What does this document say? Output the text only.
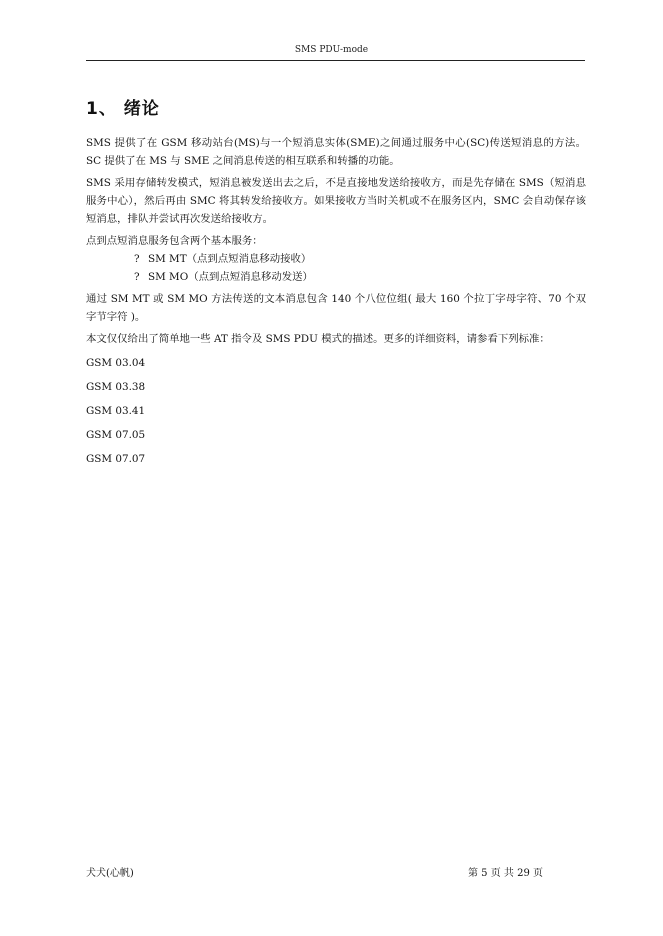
SMS PDU-mode
1、 绪论

SMS 提供了在 GSM 移动站台(MS)与一个短消息实体(SME)之间通过服务中心(SC)传送短消息的方法。SC 提供了在 MS 与 SME 之间消息传送的相互联系和转播的功能。

SMS 采用存储转发模式，短消息被发送出去之后，不是直接地发送给接收方，而是先存储在 SMS（短消息服务中心），然后再由 SMC 将其转发给接收方。如果接收方当时关机或不在服务区内，SMC 会自动保存该短消息，排队并尝试再次发送给接收方。

点到点短消息服务包含两个基本服务：

? SM MT（点到点短消息移动接收）
? SM MO（点到点短消息移动发送）

通过 SM MT 或 SM MO 方法传送的文本消息包含 140 个八位位组( 最大 160 个拉丁字母字符、70 个双字节字符 )。

本文仅仅给出了简单地一些 AT 指令及 SMS PDU 模式的描述。更多的详细资料，请参看下列标准：

GSM 03.04
GSM 03.38
GSM 03.41
GSM 07.05
GSM 07.07
犬犬(心帆)	第 5 页 共 29 页
